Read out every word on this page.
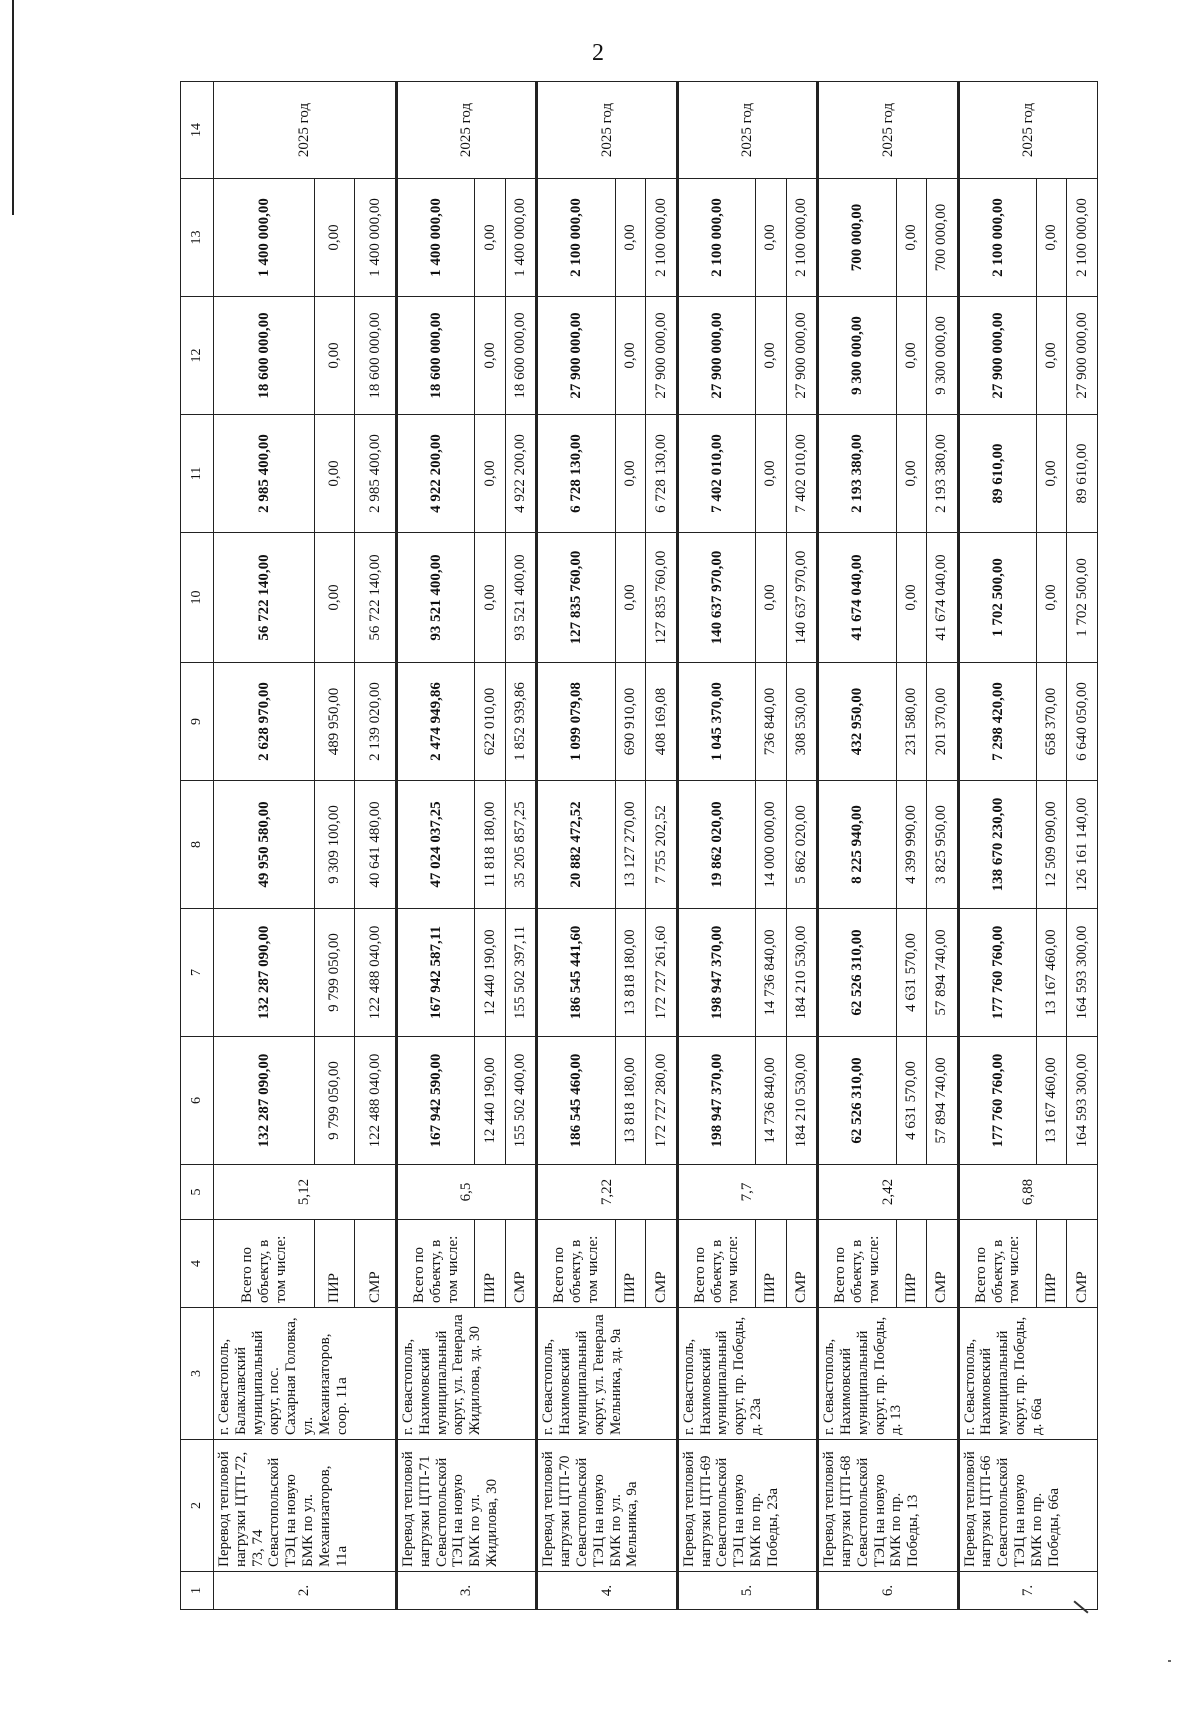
2
1	2	3	4	5	6	7	8	9	10	11	12	13	14
2.	Перевод тепловой нагрузки ЦТП-72, 73, 74 Севастопольской ТЭЦ на новую БМК по ул. Механизаторов, 11а	г. Севастополь, Балаклавский муниципальный округ, пос. Сахарная Головка, ул. Механизаторов, соор. 11а	Всего по объекту, в том числе:	5,12	132 287 090,00	132 287 090,00	49 950 580,00	2 628 970,00	56 722 140,00	2 985 400,00	18 600 000,00	1 400 000,00	2025 год
			ПИР		9 799 050,00	9 799 050,00	9 309 100,00	489 950,00	0,00	0,00	0,00	0,00	
			СМР		122 488 040,00	122 488 040,00	40 641 480,00	2 139 020,00	56 722 140,00	2 985 400,00	18 600 000,00	1 400 000,00	
3.	Перевод тепловой нагрузки ЦТП-71 Севастопольской ТЭЦ на новую БМК по ул. Жидилова, 30	г. Севастополь, Нахимовский муниципальный округ, ул. Генерала Жидилова, зд. 30	Всего по объекту, в том числе:	6,5	167 942 590,00	167 942 587,11	47 024 037,25	2 474 949,86	93 521 400,00	4 922 200,00	18 600 000,00	1 400 000,00	2025 год
			ПИР		12 440 190,00	12 440 190,00	11 818 180,00	622 010,00	0,00	0,00	0,00	0,00	
			СМР		155 502 400,00	155 502 397,11	35 205 857,25	1 852 939,86	93 521 400,00	4 922 200,00	18 600 000,00	1 400 000,00	
4.	Перевод тепловой нагрузки ЦТП-70 Севастопольской ТЭЦ на новую БМК по ул. Мельника, 9а	г. Севастополь, Нахимовский муниципальный округ, ул. Генерала Мельника, зд. 9а	Всего по объекту, в том числе:	7,22	186 545 460,00	186 545 441,60	20 882 472,52	1 099 079,08	127 835 760,00	6 728 130,00	27 900 000,00	2 100 000,00	2025 год
			ПИР		13 818 180,00	13 818 180,00	13 127 270,00	690 910,00	0,00	0,00	0,00	0,00	
			СМР		172 727 280,00	172 727 261,60	7 755 202,52	408 169,08	127 835 760,00	6 728 130,00	27 900 000,00	2 100 000,00	
5.	Перевод тепловой нагрузки ЦТП-69 Севастопольской ТЭЦ на новую БМК по пр. Победы, 23а	г. Севастополь, Нахимовский муниципальный округ, пр. Победы, д. 23а	Всего по объекту, в том числе:	7,7	198 947 370,00	198 947 370,00	19 862 020,00	1 045 370,00	140 637 970,00	7 402 010,00	27 900 000,00	2 100 000,00	2025 год
			ПИР		14 736 840,00	14 736 840,00	14 000 000,00	736 840,00	0,00	0,00	0,00	0,00	
			СМР		184 210 530,00	184 210 530,00	5 862 020,00	308 530,00	140 637 970,00	7 402 010,00	27 900 000,00	2 100 000,00	
6.	Перевод тепловой нагрузки ЦТП-68 Севастопольской ТЭЦ на новую БМК по пр. Победы, 13	г. Севастополь, Нахимовский муниципальный округ, пр. Победы, д. 13	Всего по объекту, в том числе:	2,42	62 526 310,00	62 526 310,00	8 225 940,00	432 950,00	41 674 040,00	2 193 380,00	9 300 000,00	700 000,00	2025 год
			ПИР		4 631 570,00	4 631 570,00	4 399 990,00	231 580,00	0,00	0,00	0,00	0,00	
			СМР		57 894 740,00	57 894 740,00	3 825 950,00	201 370,00	41 674 040,00	2 193 380,00	9 300 000,00	700 000,00	
7.	Перевод тепловой нагрузки ЦТП-66 Севастопольской ТЭЦ на новую БМК по пр. Победы, 66а	г. Севастополь, Нахимовский муниципальный округ, пр. Победы, д. 66а	Всего по объекту, в том числе:	6,88	177 760 760,00	177 760 760,00	138 670 230,00	7 298 420,00	1 702 500,00	89 610,00	27 900 000,00	2 100 000,00	2025 год
			ПИР		13 167 460,00	13 167 460,00	12 509 090,00	658 370,00	0,00	0,00	0,00	0,00	
			СМР		164 593 300,00	164 593 300,00	126 161 140,00	6 640 050,00	1 702 500,00	89 610,00	27 900 000,00	2 100 000,00	
